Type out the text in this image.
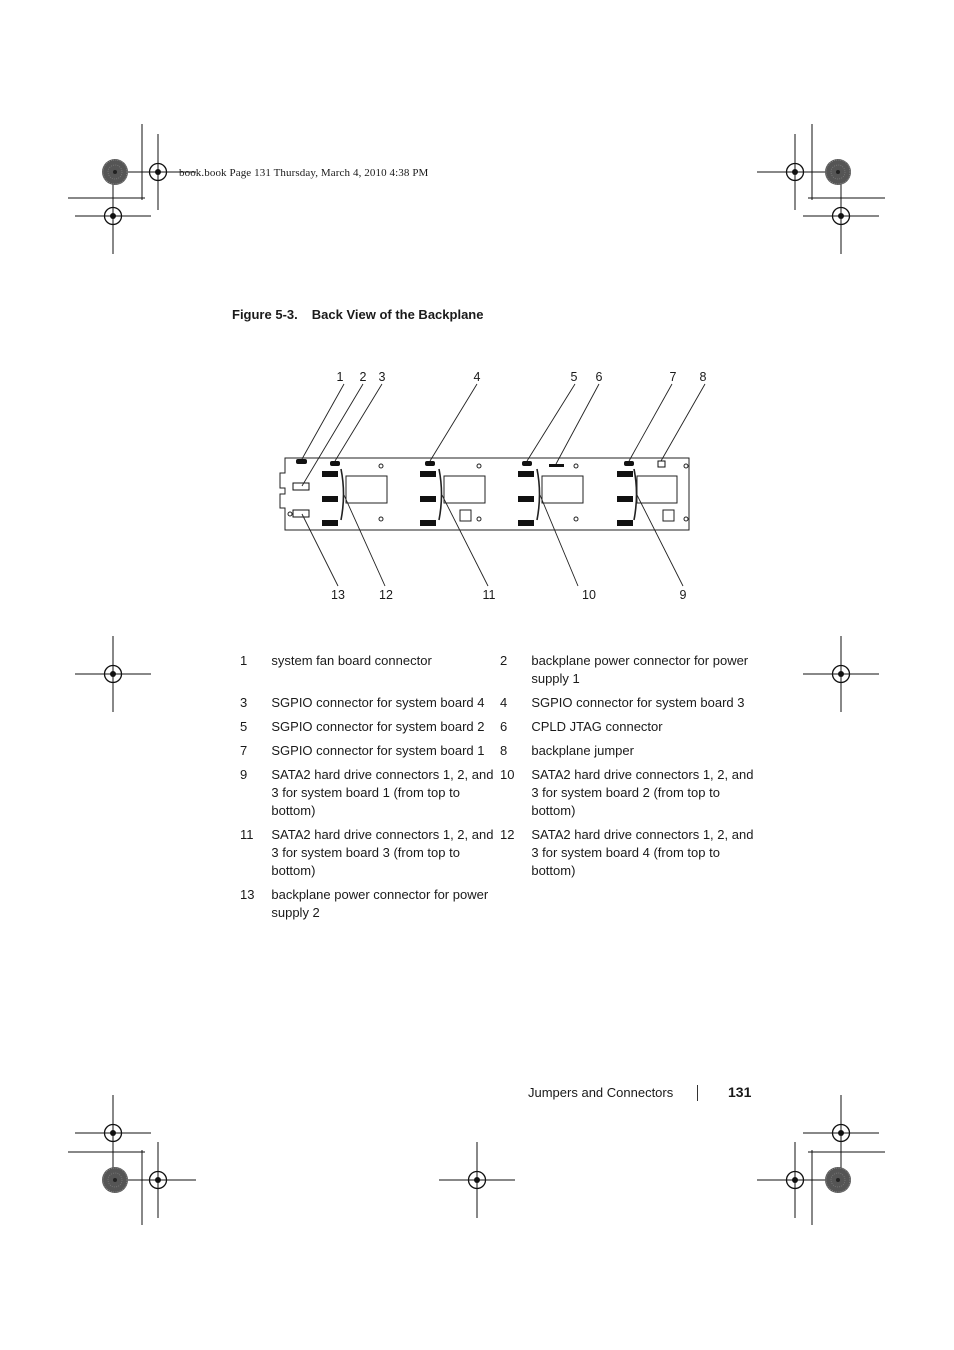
book.book Page 131 Thursday, March 4, 2010 4:38 PM
Figure 5-3. Back View of the Backplane
1	2 3	4	5	6	7	8
13	12	11	10	9
1	system fan board connector	2	backplane power connector for power supply 1
3	SGPIO connector for system board 4	4	SGPIO connector for system board 3
5	SGPIO connector for system board 2	6	CPLD JTAG connector
7	SGPIO connector for system board 1	8	backplane jumper
9	SATA2 hard drive connectors 1, 2, and 3 for system board 1 (from top to bottom)	10	SATA2 hard drive connectors 1, 2, and 3 for system board 2 (from top to bottom)
11	SATA2 hard drive connectors 1, 2, and 3 for system board 3 (from top to bottom)	12	SATA2 hard drive connectors 1, 2, and 3 for system board 4 (from top to bottom)
13	backplane power connector for power supply 2		
Jumpers and Connectors	131
